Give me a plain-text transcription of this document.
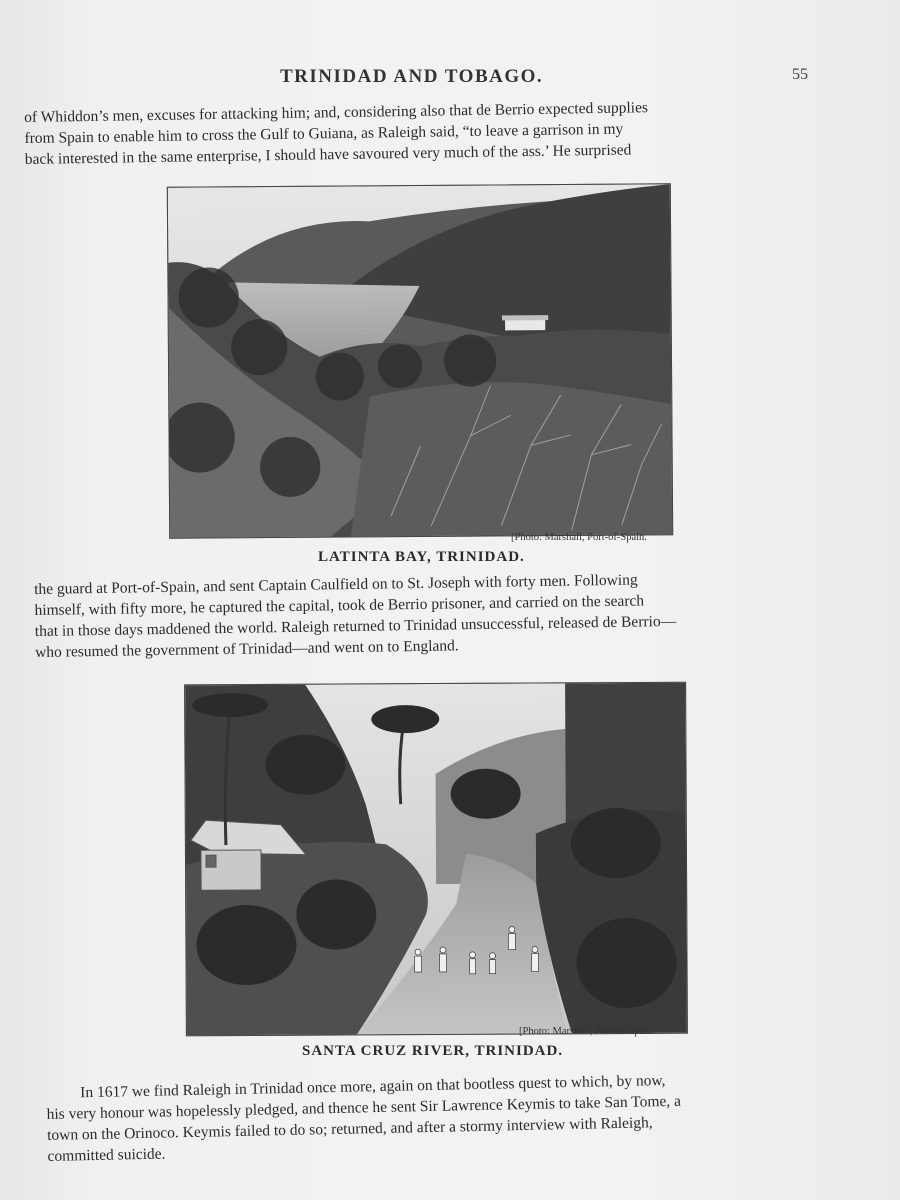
TRINIDAD AND TOBAGO.	55
of Whiddon’s men, excuses for attacking him; and, considering also that de Berrio expected supplies
from Spain to enable him to cross the Gulf to Guiana, as Raleigh said, “to leave a garrison in my
back interested in the same enterprise, I should have savoured very much of the ass.’ He surprised
[Photo: Marshall, Port-of-Spain.
LATINTA BAY, TRINIDAD.
the guard at Port-of-Spain, and sent Captain Caulfield on to St. Joseph with forty men. Following
himself, with fifty more, he captured the capital, took de Berrio prisoner, and carried on the search
that in those days maddened the world. Raleigh returned to Trinidad unsuccessful, released de Berrio—
who resumed the government of Trinidad—and went on to England.
[Photo: Marshall, Port-of-Spain.
SANTA CRUZ RIVER, TRINIDAD.
In 1617 we find Raleigh in Trinidad once more, again on that bootless quest to which, by now,
his very honour was hopelessly pledged, and thence he sent Sir Lawrence Keymis to take San Tome, a
town on the Orinoco. Keymis failed to do so; returned, and after a stormy interview with Raleigh,
committed suicide.
